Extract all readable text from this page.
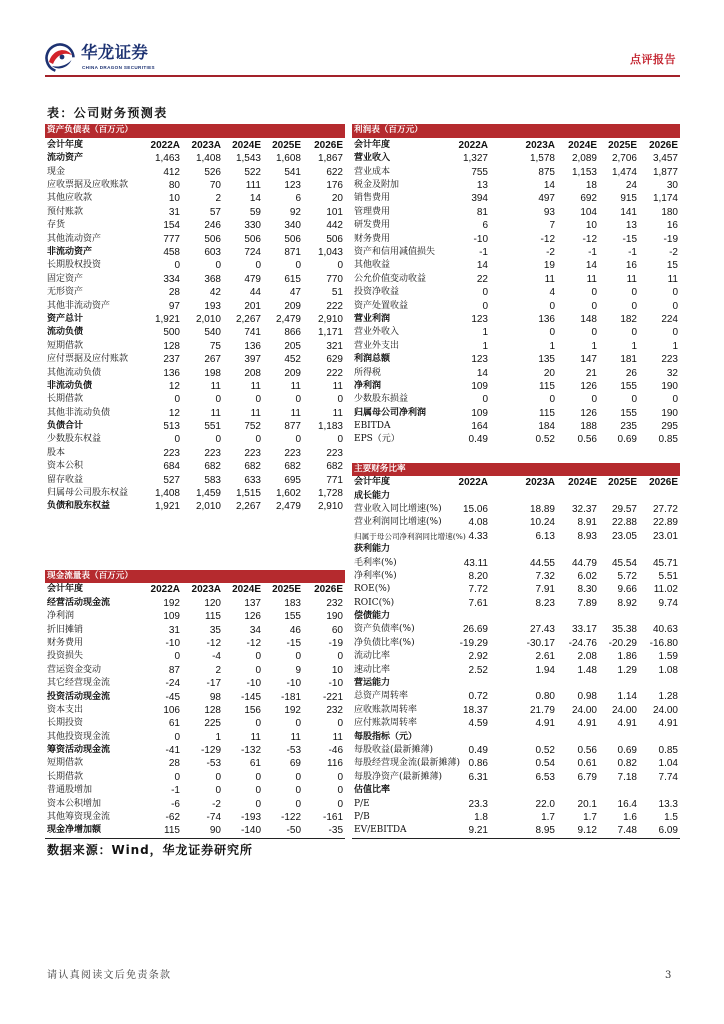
华龙证券
CHINA DRAGON SECURITIES
点评报告
表：公司财务预测表
资产负债表（百万元）
会计年度	2022A	2023A	2024E	2025E	2026E
流动资产	1,463	1,408	1,543	1,608	1,867
现金	412	526	522	541	622
应收票据及应收账款	80	70	111	123	176
其他应收款	10	2	14	6	20
预付账款	31	57	59	92	101
存货	154	246	330	340	442
其他流动资产	777	506	506	506	506
非流动资产	458	603	724	871	1,043
长期股权投资	0	0	0	0	0
固定资产	334	368	479	615	770
无形资产	28	42	44	47	51
其他非流动资产	97	193	201	209	222
资产总计	1,921	2,010	2,267	2,479	2,910
流动负债	500	540	741	866	1,171
短期借款	128	75	136	205	321
应付票据及应付账款	237	267	397	452	629
其他流动负债	136	198	208	209	222
非流动负债	12	11	11	11	11
长期借款	0	0	0	0	0
其他非流动负债	12	11	11	11	11
负债合计	513	551	752	877	1,183
少数股东权益	0	0	0	0	0
股本	223	223	223	223	223
资本公积	684	682	682	682	682
留存收益	527	583	633	695	771
归属母公司股东权益	1,408	1,459	1,515	1,602	1,728
负债和股东权益	1,921	2,010	2,267	2,479	2,910
现金流量表（百万元）
会计年度	2022A	2023A	2024E	2025E	2026E
经营活动现金流	192	120	137	183	232
净利润	109	115	126	155	190
折旧摊销	31	35	34	46	60
财务费用	-10	-12	-12	-15	-19
投资损失	0	-4	0	0	0
营运资金变动	87	2	0	9	10
其它经营现金流	-24	-17	-10	-10	-10
投资活动现金流	-45	98	-145	-181	-221
资本支出	106	128	156	192	232
长期投资	61	225	0	0	0
其他投资现金流	0	1	11	11	11
筹资活动现金流	-41	-129	-132	-53	-46
短期借款	28	-53	61	69	116
长期借款	0	0	0	0	0
普通股增加	-1	0	0	0	0
资本公积增加	-6	-2	0	0	0
其他筹资现金流	-62	-74	-193	-122	-161
现金净增加额	115	90	-140	-50	-35
利润表（百万元）
会计年度	2022A	2023A	2024E	2025E	2026E
营业收入	1,327	1,578	2,089	2,706	3,457
营业成本	755	875	1,153	1,474	1,877
税金及附加	13	14	18	24	30
销售费用	394	497	692	915	1,174
管理费用	81	93	104	141	180
研发费用	6	7	10	13	16
财务费用	-10	-12	-12	-15	-19
资产和信用减值损失	-1	-2	-1	-1	-2
其他收益	14	19	14	16	15
公允价值变动收益	22	11	11	11	11
投资净收益	0	4	0	0	0
资产处置收益	0	0	0	0	0
营业利润	123	136	148	182	224
营业外收入	1	0	0	0	0
营业外支出	1	1	1	1	1
利润总额	123	135	147	181	223
所得税	14	20	21	26	32
净利润	109	115	126	155	190
少数股东损益	0	0	0	0	0
归属母公司净利润	109	115	126	155	190
EBITDA	164	184	188	235	295
EPS（元）	0.49	0.52	0.56	0.69	0.85
主要财务比率
会计年度	2022A	2023A	2024E	2025E	2026E
成长能力
营业收入同比增速(%)	15.06	18.89	32.37	29.57	27.72
营业利润同比增速(%)	4.08	10.24	8.91	22.88	22.89
归属于母公司净利润同比增速(%) 4.33	6.13	8.93	23.05	23.01
获利能力
毛利率(%)	43.11	44.55	44.79	45.54	45.71
净利率(%)	8.20	7.32	6.02	5.72	5.51
ROE(%)	7.72	7.91	8.30	9.66	11.02
ROIC(%)	7.61	8.23	7.89	8.92	9.74
偿债能力
资产负债率(%)	26.69	27.43	33.17	35.38	40.63
净负债比率(%)	-19.29	-30.17	-24.76	-20.29	-16.80
流动比率	2.92	2.61	2.08	1.86	1.59
速动比率	2.52	1.94	1.48	1.29	1.08
营运能力
总资产周转率	0.72	0.80	0.98	1.14	1.28
应收账款周转率	18.37	21.79	24.00	24.00	24.00
应付账款周转率	4.59	4.91	4.91	4.91	4.91
每股指标（元）
每股收益(最新摊薄)	0.49	0.52	0.56	0.69	0.85
每股经营现金流(最新摊薄) 0.86	0.54	0.61	0.82	1.04
每股净资产(最新摊薄)	6.31	6.53	6.79	7.18	7.74
估值比率
P/E	23.3	22.0	20.1	16.4	13.3
P/B	1.8	1.7	1.7	1.6	1.5
EV/EBITDA	9.21	8.95	9.12	7.48	6.09
数据来源：Wind，华龙证券研究所
请认真阅读文后免责条款	3
